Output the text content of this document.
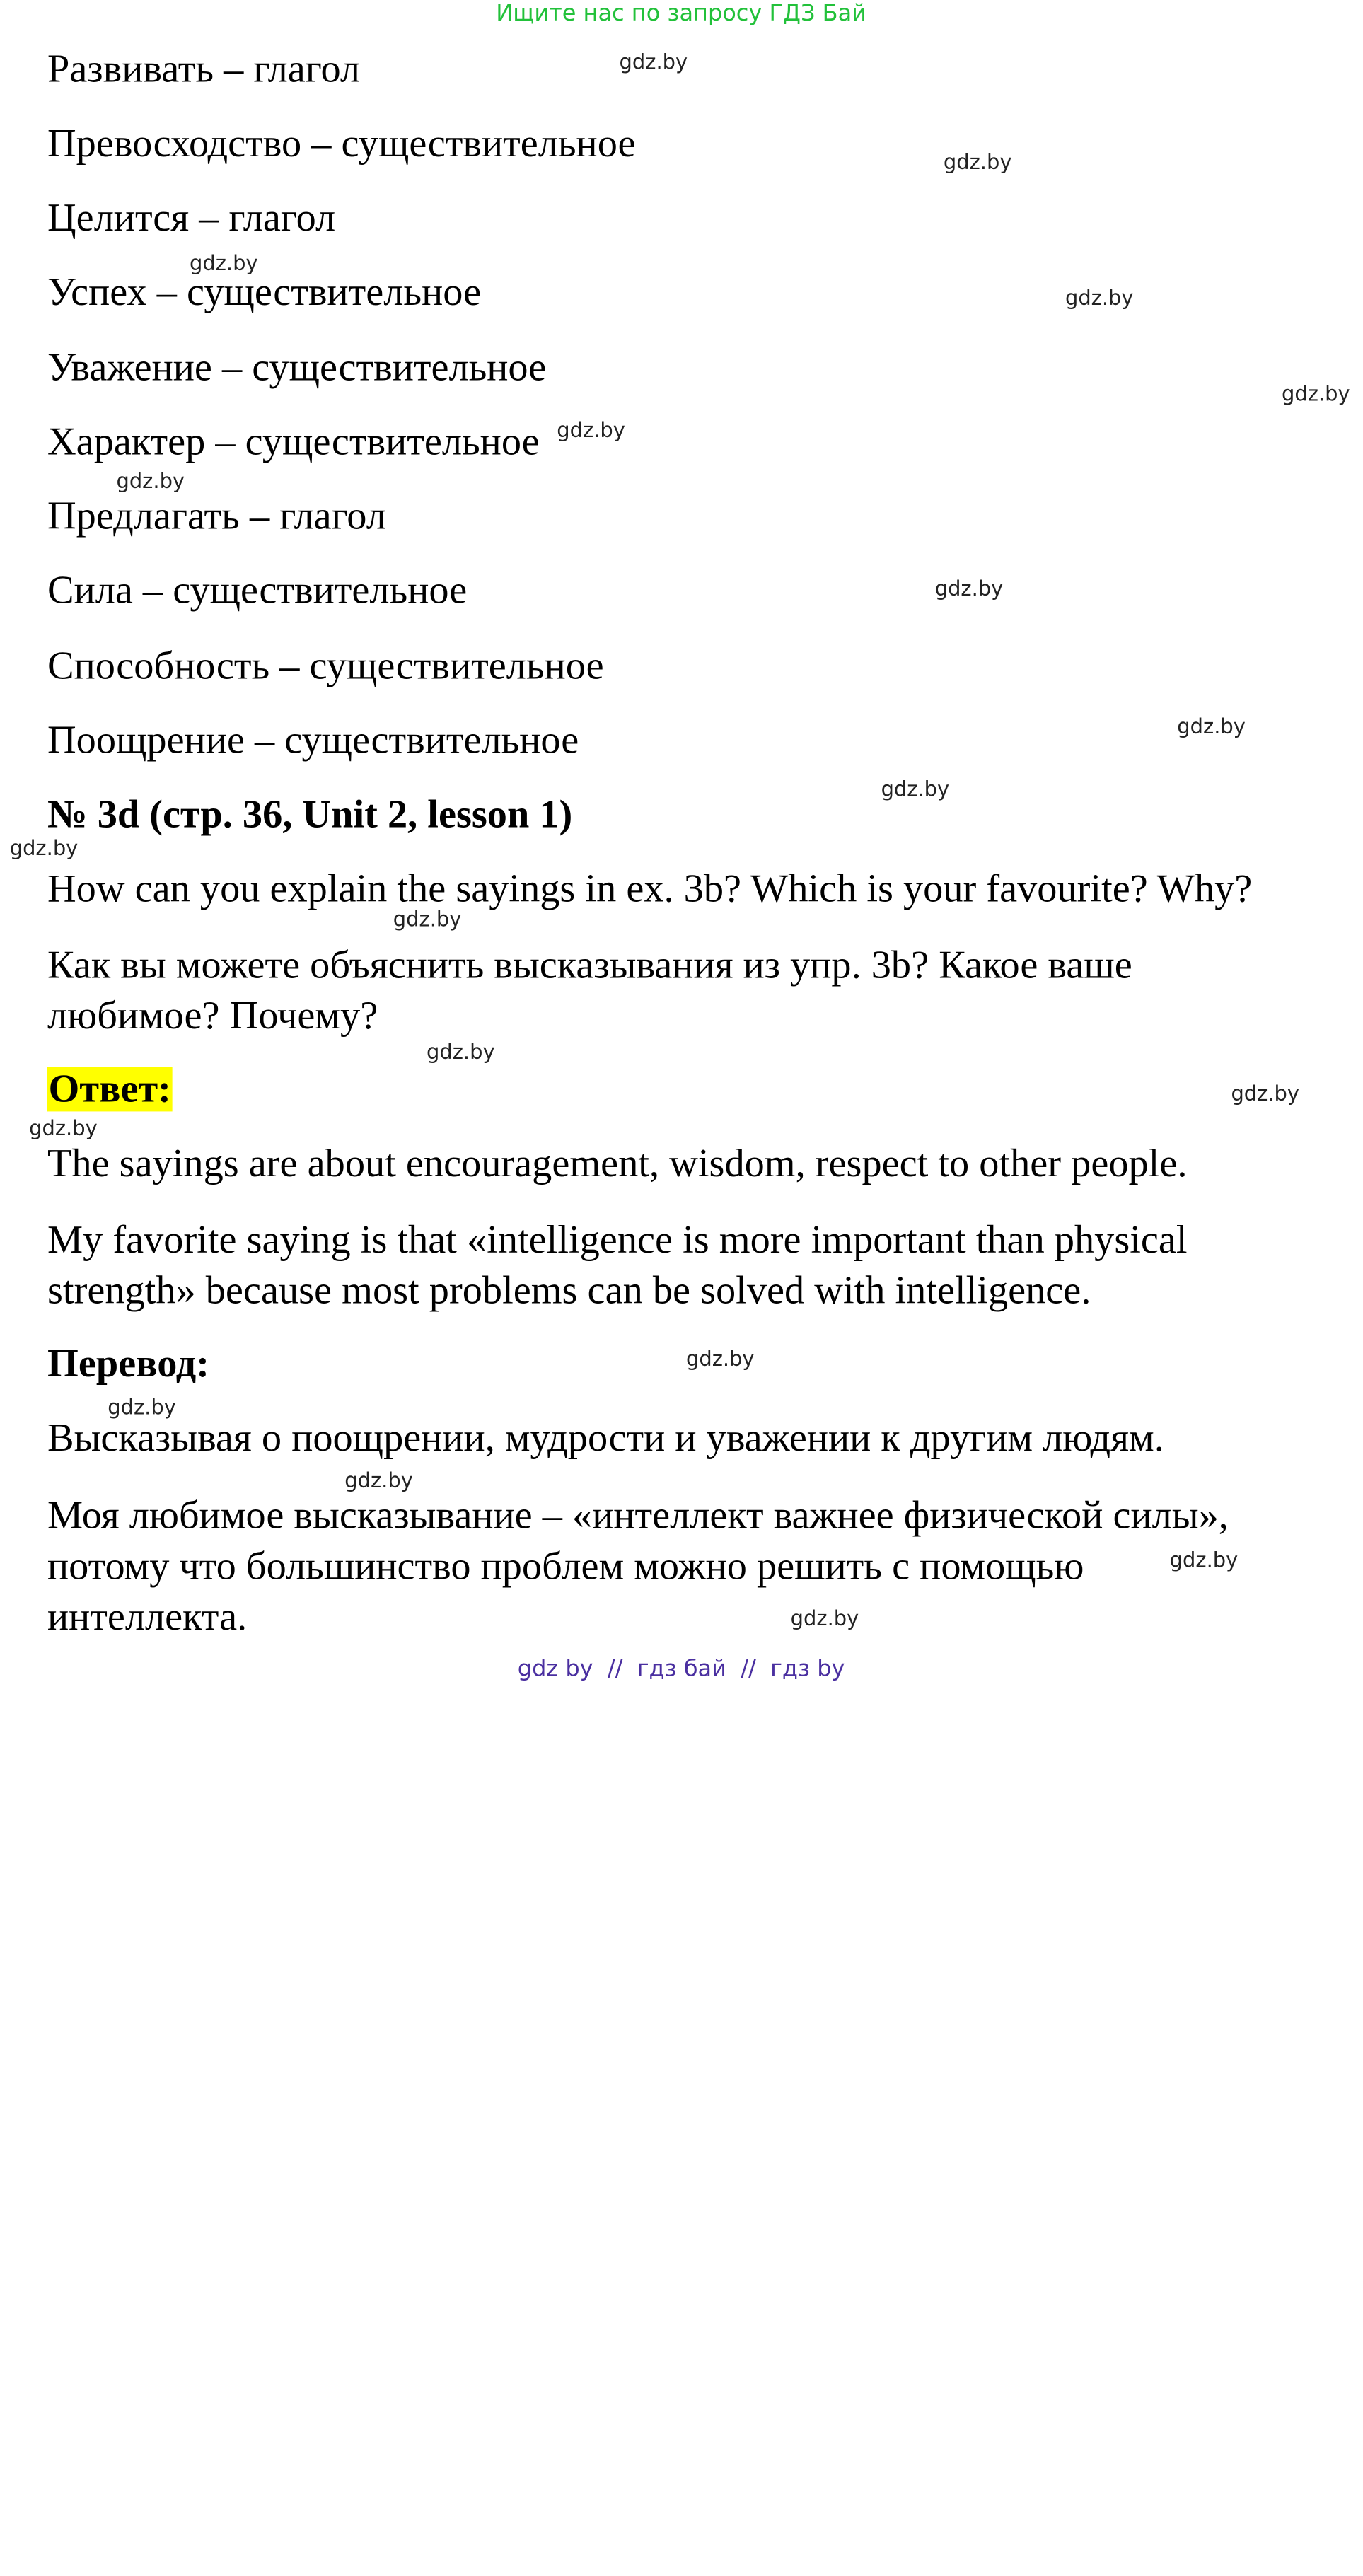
Ищите нас по запросу ГДЗ Бай
Развивать – глагол
Превосходство – существительное
Целится – глагол
Успех – существительное
Уважение – существительное
Характер – существительное
Предлагать – глагол
Сила – существительное
Способность – существительное
Поощрение – существительное
№ 3d (стр. 36, Unit 2, lesson 1)
How can you explain the sayings in ex. 3b? Which is your favourite? Why?
Как вы можете объяснить высказывания из упр. 3b? Какое ваше
любимое? Почему?
Ответ:
The sayings are about encouragement, wisdom, respect to other people.
My favorite saying is that «intelligence is more important than physical
strength» because most problems can be solved with intelligence.
Перевод:
Высказывая о поощрении, мудрости и уважении к другим людям.
Моя любимое высказывание – «интеллект важнее физической силы»,
потому что большинство проблем можно решить с помощью
интеллекта.
gdz.by
gdz.by
gdz.by
gdz.by
gdz.by
gdz.by
gdz.by
gdz.by
gdz.by
gdz.by
gdz.by
gdz.by
gdz.by
gdz.by
gdz.by
gdz.by
gdz.by
gdz.by
gdz.by
gdz.by
gdz by  //  гдз бай  //  гдз by
